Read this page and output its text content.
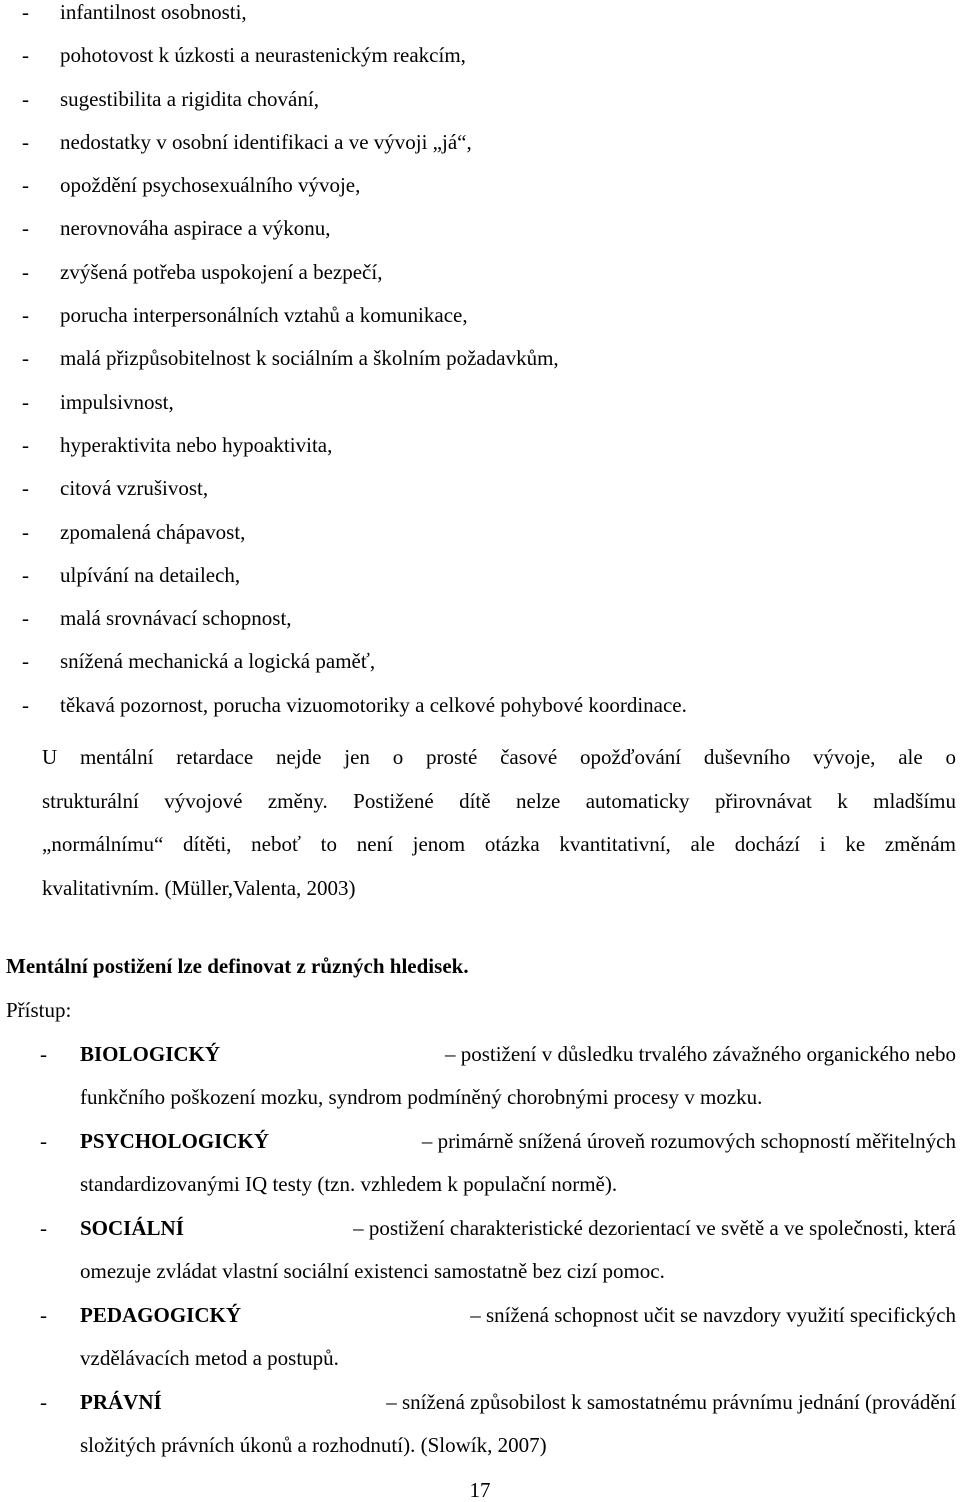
- infantilnost osobnosti,
- pohotovost k úzkosti a neurastenickým reakcím,
- sugestibilita a rigidita chování,
- nedostatky v osobní identifikaci a ve vývoji „já“,
- opoždění psychosexuálního vývoje,
- nerovnováha aspirace a výkonu,
- zvýšená potřeba uspokojení a bezpečí,
- porucha interpersonálních vztahů a komunikace,
- malá přizpůsobitelnost k sociálním a školním požadavkům,
- impulsivnost,
- hyperaktivita nebo hypoaktivita,
- citová vzrušivost,
- zpomalená chápavost,
- ulpívání na detailech,
- malá srovnávací schopnost,
- snížená mechanická a logická paměť,
- těkavá pozornost, porucha vizuomotoriky a celkové pohybové koordinace.
U mentální retardace nejde jen o prosté časové opožďování duševního vývoje, ale o
strukturální vývojové změny. Postižené dítě nelze automaticky přirovnávat k mladšímu
„normálnímu“ dítěti, neboť to není jenom otázka kvantitativní, ale dochází i ke změnám
kvalitativním. (Müller,Valenta, 2003)

Mentální postižení lze definovat z různých hledisek.

Přístup:

- BIOLOGICKÝ	– postižení v důsledku trvalého závažného organického nebo
funkčního poškození mozku, syndrom podmíněný chorobnými procesy v mozku.
- PSYCHOLOGICKÝ	– primárně snížená úroveň rozumových schopností měřitelných
standardizovanými IQ testy (tzn. vzhledem k populační normě).
- SOCIÁLNÍ	– postižení charakteristické dezorientací ve světě a ve společnosti, která
omezuje zvládat vlastní sociální existenci samostatně bez cizí pomoc.
- PEDAGOGICKÝ	– snížená schopnost učit se navzdory využití specifických
vzdělávacích metod a postupů.
- PRÁVNÍ	– snížená způsobilost k samostatnému právnímu jednání (provádění
složitých právních úkonů a rozhodnutí). (Slowík, 2007)
17
